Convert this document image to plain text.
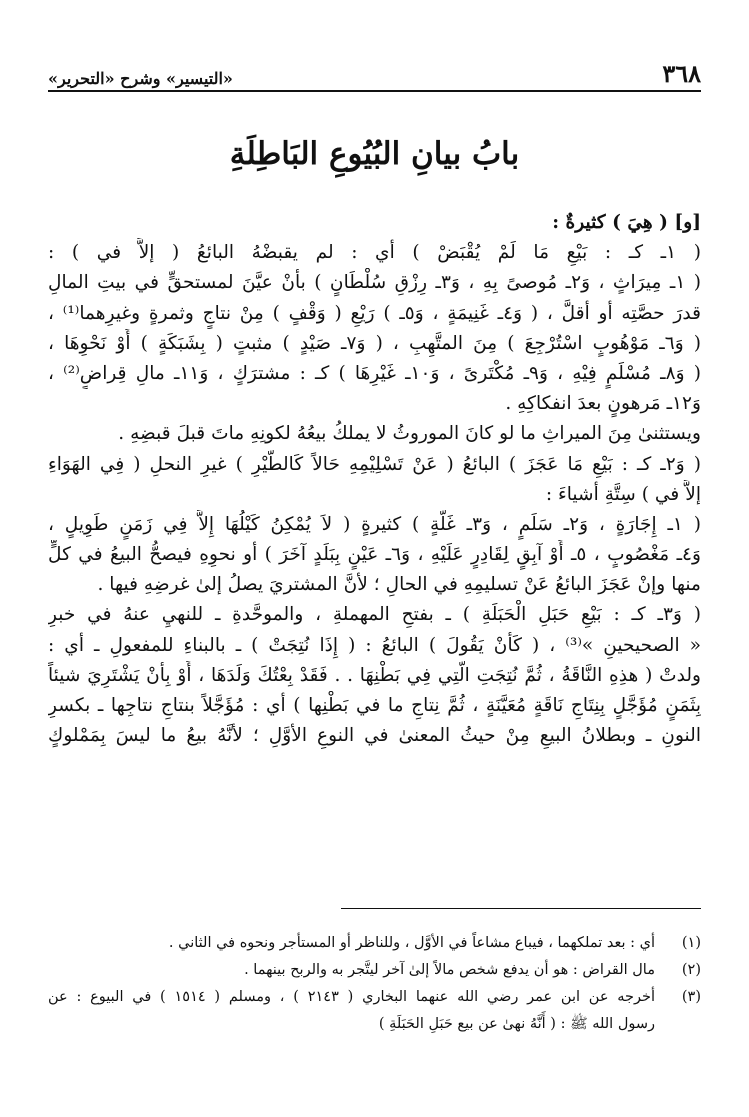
٣٦٨
«التيسير» وشرح «التحرير»
بابُ بيانِ البُيُوعِ البَاطِلَةِ
[و] ( هِيَ ) كثيرةٌ :
( ١ـ كـ : بَيْعِ مَا لَمْ يُقْبَضْ ) أي : لم يقبضْهُ البائعُ ( إلاَّ في ) :
( ١ـ مِيرَاثٍ ، وَ٢ـ مُوصىً بِهِ ، وَ٣ـ رِزْقِ سُلْطَانٍ ) بأنْ عيَّنَ لمستحقٍّ في بيتِ المالِ
قدرَ حصَّتِه أو أقلَّ ، ( وَ٤ـ غَنِيمَةٍ ، وَ٥ـ ) رَيْعِ ( وَقْفٍ ) مِنْ نتاجٍ وثمرةٍ وغيرِهما⁽¹⁾ ،
( وَ٦ـ مَوْهُوبٍ اسْتُرْجِعَ ) مِنَ المتَّهِبِ ، ( وَ٧ـ صَيْدٍ ) مثبتٍ ( بِشَبَكَةٍ ) أَوْ نَحْوِهَا ،
( وَ٨ـ مُسْلَمٍ فِيْهِ ، وَ٩ـ مُكْتَرىً ، وَ١٠ـ غَيْرِهَا ) كـ : مشترَكٍ ، وَ١١ـ مالِ قِراضٍ⁽²⁾ ،
وَ١٢ـ مَرهونٍ بعدَ انفكاكِهِ .
ويستثنىٰ مِنَ الميراثِ ما لو كانَ الموروثُ لا يملكُ بيعُهُ لكونِهِ ماتَ قبلَ قبضِهِ .
( وَ٢ـ كـ : بَيْعِ مَا عَجَزَ ) البائعُ ( عَنْ تَسْلِيْمِهِ حَالاً كَالطَّيْرِ ) غيرِ النحلِ ( فِي الهَوَاءِ
إلاَّ في ) سِتَّةِ أشياءَ :
( ١ـ إِجَارَةٍ ، وَ٢ـ سَلَمٍ ، وَ٣ـ غَلَّةٍ ) كثيرةٍ ( لاَ يُمْكِنُ كَيْلُهَا إِلاَّ فِي زَمَنٍ طَوِيلٍ ،
وَ٤ـ مَغْصُوبٍ ، ٥ـ أَوْ آبِقٍ لِقَادِرٍ عَلَيْهِ ، وَ٦ـ عَيْنٍ بِبَلَدٍ آخَرَ ) أو نحوِهِ فيصحُّ البيعُ في كلٍّ
منها وإنْ عَجَزَ البائعُ عَنْ تسليمِهِ في الحالِ ؛ لأنَّ المشتريَ يصلُ إلىٰ غرضِهِ فيها .
( وَ٣ـ كـ : بَيْعِ حَبَلِ الْحَبَلَةِ ) ـ بفتحِ المهملةِ ، والموحَّدةِ ـ للنهيِ عنهُ في خبرِ
« الصحيحينِ »⁽³⁾ ، ( كَأَنْ يَقُولَ ) البائعُ : ( إِذَا نُتِجَتْ ) ـ بالبناءِ للمفعولِ ـ أي :
ولدتْ ( هذِهِ النَّاقَةُ ، ثُمَّ نُتِجَتِ الَّتِي فِي بَطْنِهَا . . فَقَدْ بِعْتُكَ وَلَدَهَا ، أَوْ بِأَنْ يَشْتَرِيَ شيئاً
بِثَمَنٍ مُؤَجَّلٍ بِنِتَاجِ نَاقَةٍ مُعَيَّنَةٍ ، ثُمَّ نِتاجِ ما في بَطْنِها ) أي : مُؤَجَّلاً بنتاجِ نتاجِها ـ بكسرِ
النونِ ـ وبطلانُ البيعِ مِنْ حيثُ المعنىٰ في النوعِ الأوَّلِ ؛ لأنَّهُ بيعُ ما ليسَ بِمَمْلوكٍ
(١)
أي : بعد تملكهما ، فيباع مشاعاً في الأوَّل ، وللناظر أو المستأجر ونحوه في الثاني .
(٢)
مال القراض : هو أن يدفع شخص مالاً إلىٰ آخر ليتَّجر به والربح بينهما .
(٣)
أخرجه عن ابن عمر رضي الله عنهما البخاري ( ٢١٤٣ ) ، ومسلم ( ١٥١٤ ) في البيوع : عن
رسول الله ﷺ : ( أَنَّهُ نهىٰ عن بيع حَبَلِ الحَبَلَةِ )
